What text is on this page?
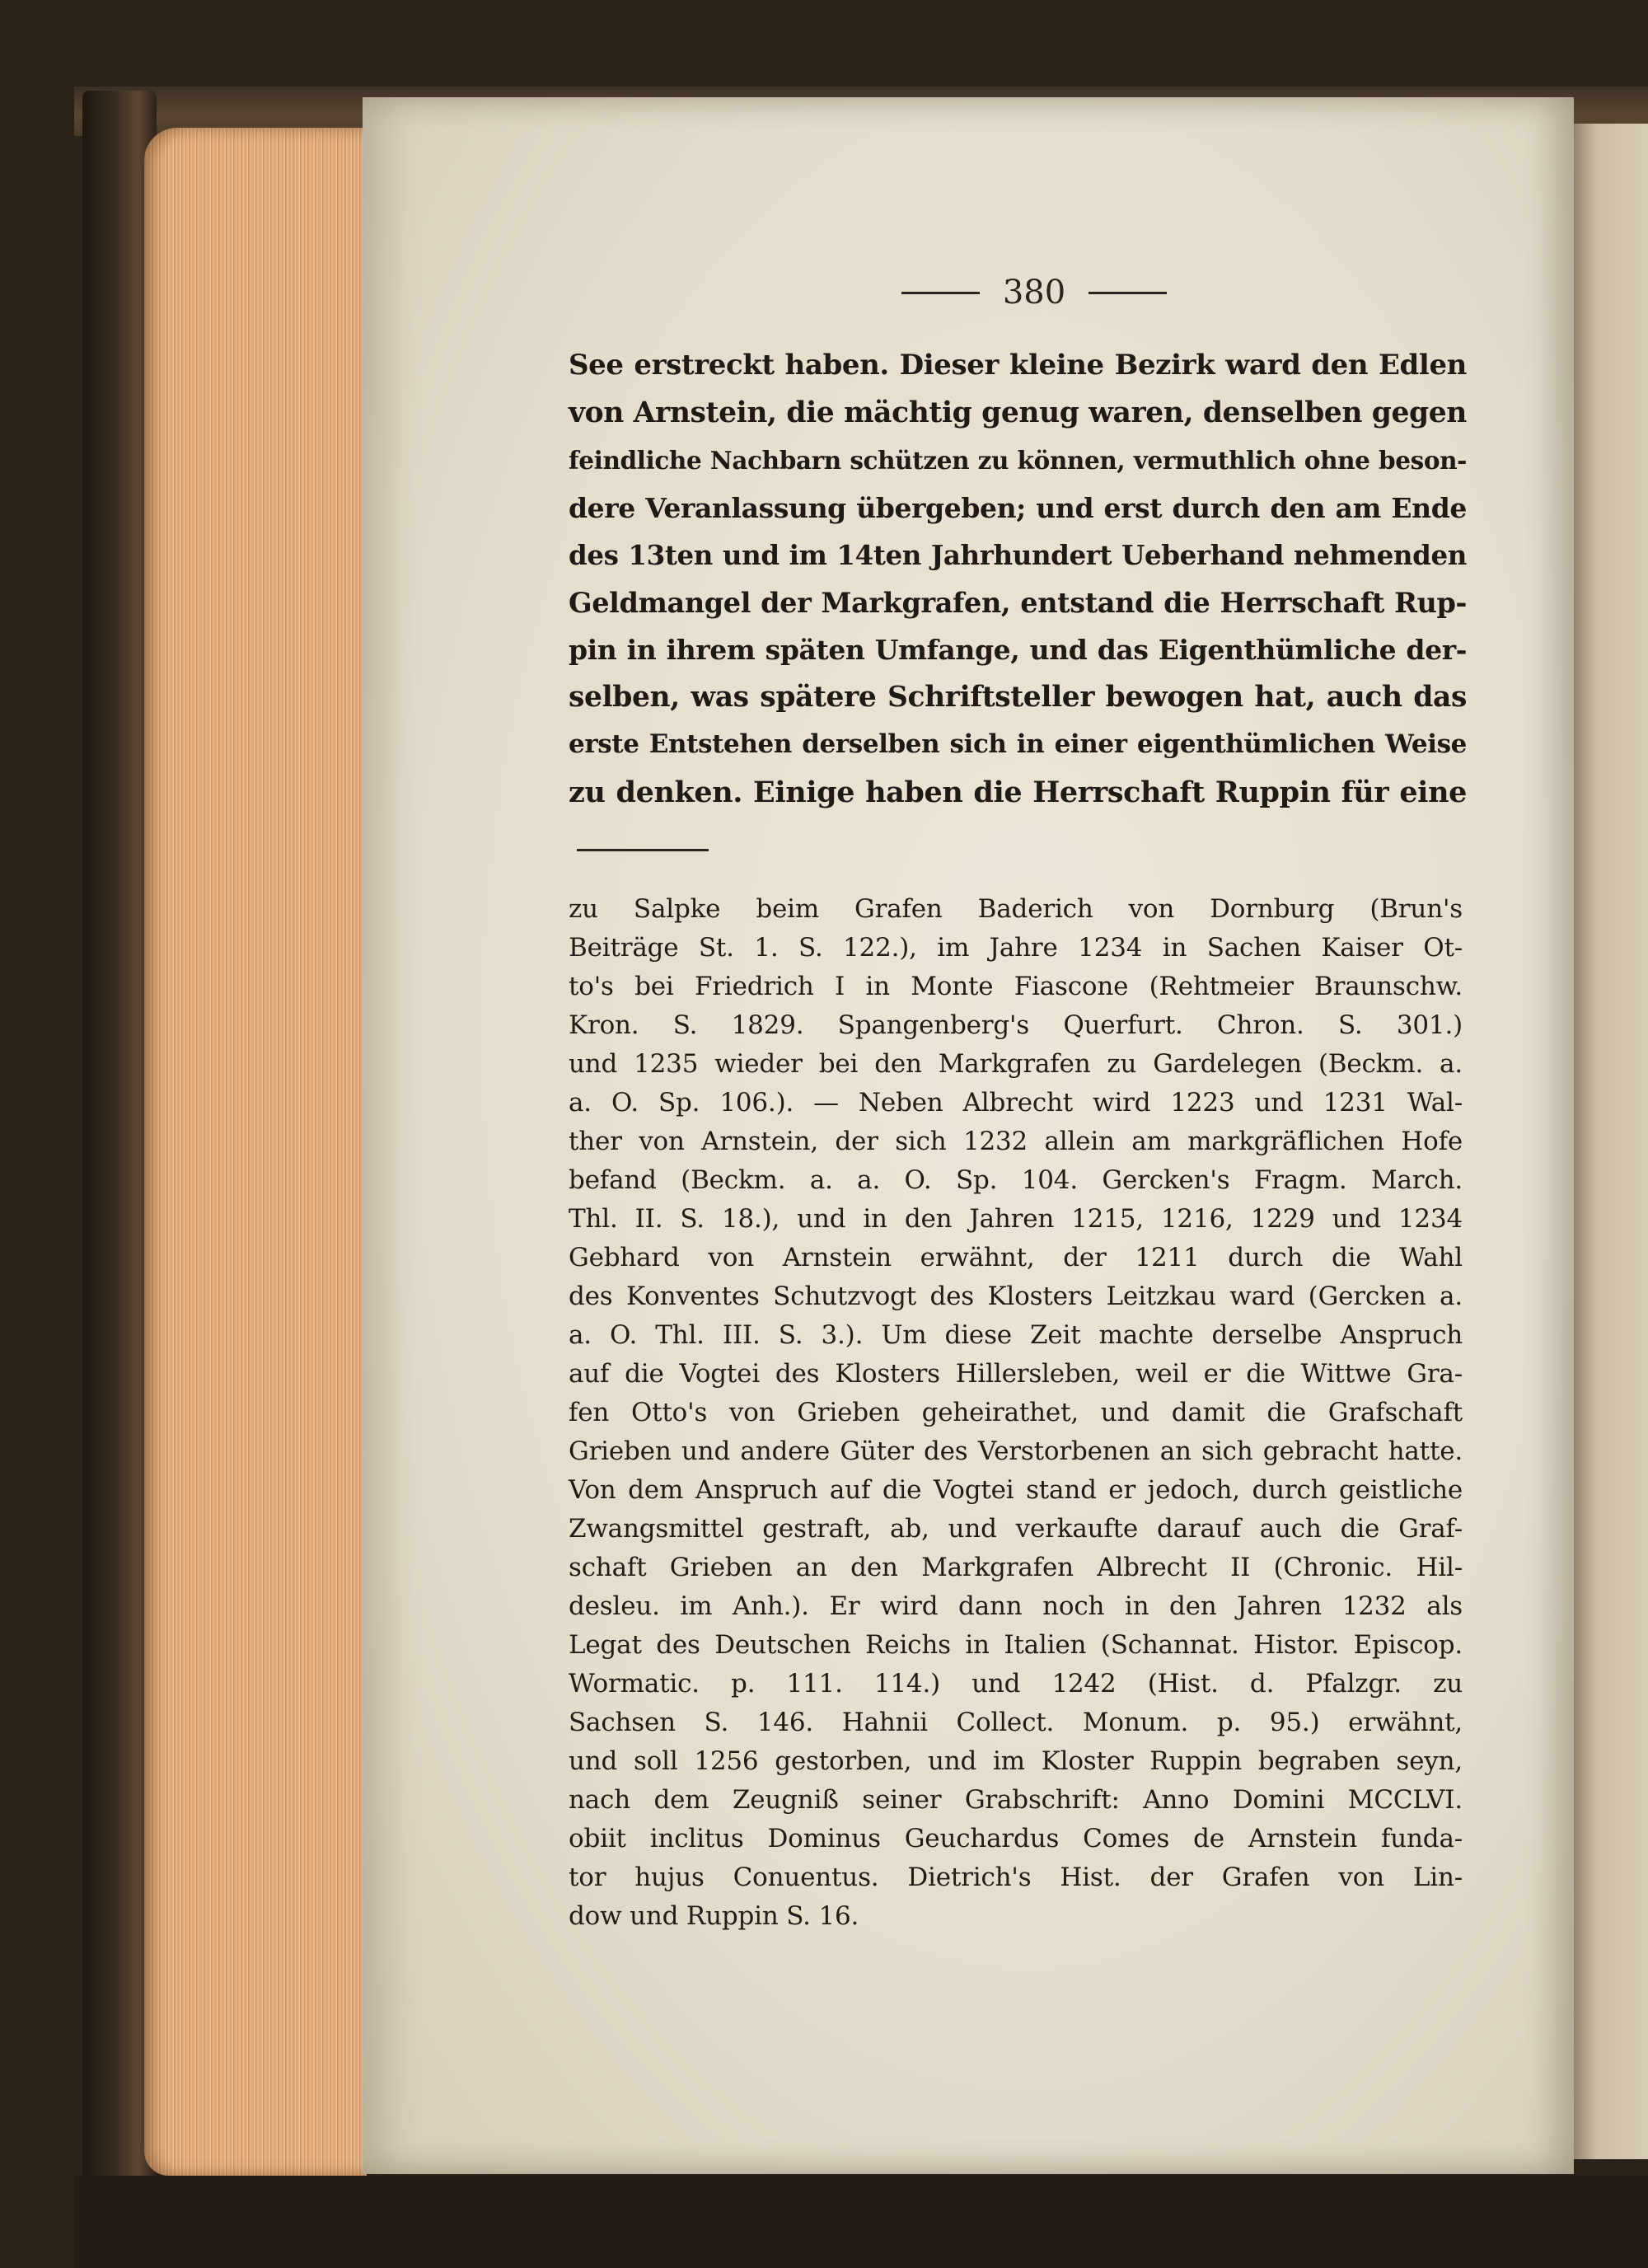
380
See erstreckt haben. Dieser kleine Bezirk ward den Edlen
von Arnstein, die mächtig genug waren, denselben gegen
feindliche Nachbarn schützen zu können, vermuthlich ohne beson-
dere Veranlassung übergeben; und erst durch den am Ende
des 13ten und im 14ten Jahrhundert Ueberhand nehmenden
Geldmangel der Markgrafen, entstand die Herrschaft Rup-
pin in ihrem späten Umfange, und das Eigenthümliche der-
selben, was spätere Schriftsteller bewogen hat, auch das
erste Entstehen derselben sich in einer eigenthümlichen Weise
zu denken. Einige haben die Herrschaft Ruppin für eine
zu Salpke beim Grafen Baderich von Dornburg (Brun's
Beiträge St. 1. S. 122.), im Jahre 1234 in Sachen Kaiser Ot-
to's bei Friedrich I in Monte Fiascone (Rehtmeier Braunschw.
Kron. S. 1829. Spangenberg's Querfurt. Chron. S. 301.)
und 1235 wieder bei den Markgrafen zu Gardelegen (Beckm. a.
a. O. Sp. 106.). — Neben Albrecht wird 1223 und 1231 Wal-
ther von Arnstein, der sich 1232 allein am markgräflichen Hofe
befand (Beckm. a. a. O. Sp. 104. Gercken's Fragm. March.
Thl. II. S. 18.), und in den Jahren 1215, 1216, 1229 und 1234
Gebhard von Arnstein erwähnt, der 1211 durch die Wahl
des Konventes Schutzvogt des Klosters Leitzkau ward (Gercken a.
a. O. Thl. III. S. 3.). Um diese Zeit machte derselbe Anspruch
auf die Vogtei des Klosters Hillersleben, weil er die Wittwe Gra-
fen Otto's von Grieben geheirathet, und damit die Grafschaft
Grieben und andere Güter des Verstorbenen an sich gebracht hatte.
Von dem Anspruch auf die Vogtei stand er jedoch, durch geistliche
Zwangsmittel gestraft, ab, und verkaufte darauf auch die Graf-
schaft Grieben an den Markgrafen Albrecht II (Chronic. Hil-
desleu. im Anh.). Er wird dann noch in den Jahren 1232 als
Legat des Deutschen Reichs in Italien (Schannat. Histor. Episcop.
Wormatic. p. 111. 114.) und 1242 (Hist. d. Pfalzgr. zu
Sachsen S. 146. Hahnii Collect. Monum. p. 95.) erwähnt,
und soll 1256 gestorben, und im Kloster Ruppin begraben seyn,
nach dem Zeugniß seiner Grabschrift: Anno Domini MCCLVI.
obiit inclitus Dominus Geuchardus Comes de Arnstein funda-
tor hujus Conuentus. Dietrich's Hist. der Grafen von Lin-
dow und Ruppin S. 16.
